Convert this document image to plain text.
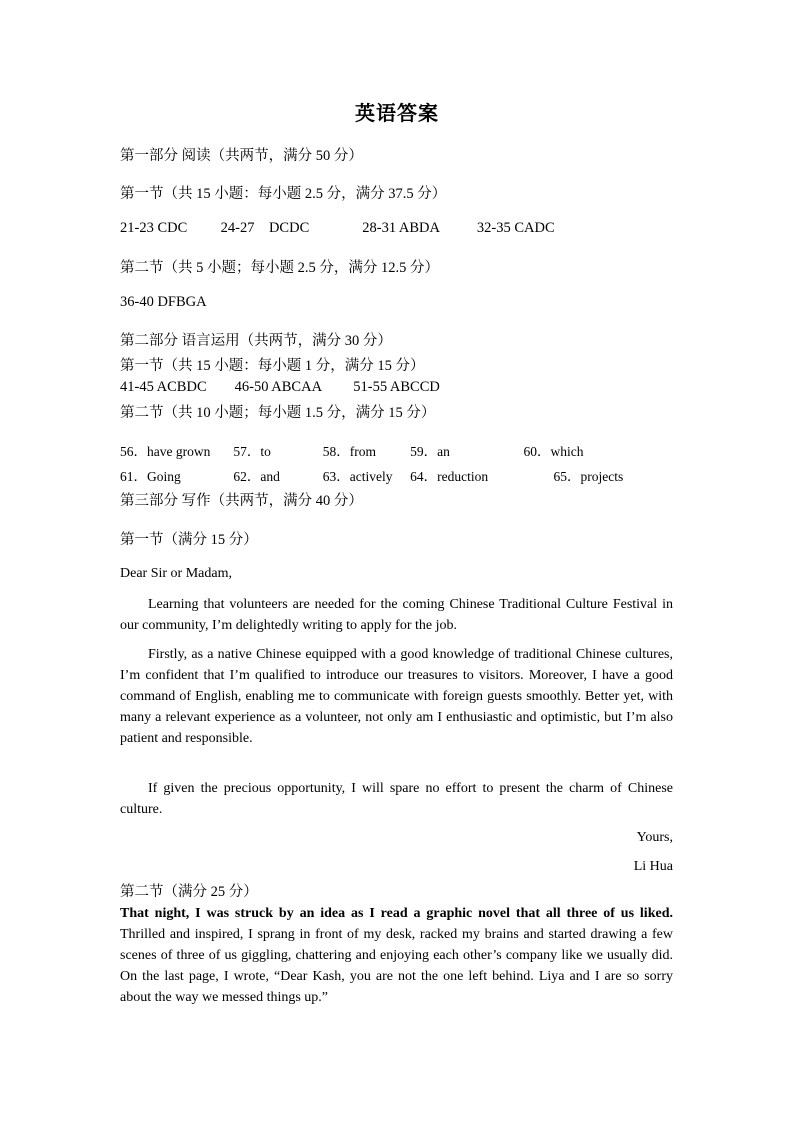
英语答案
第一部分 阅读（共两节，满分 50 分）
第一节（共 15 小题：每小题 2.5 分，满分 37.5 分）
21-23 CDC 24-27    DCDC	28-31 ABDA	32-35 CADC
第二节（共 5 小题；每小题 2.5 分，满分 12.5 分）
36-40 DFBGA
第二部分 语言运用（共两节，满分 30 分）
第一节（共 15 小题：每小题 1 分，满分 15 分）
41-45 ACBDC 46-50 ABCAA 51-55 ABCCD
第二节（共 10 小题；每小题 1.5 分，满分 15 分）
56．have grown 57．to	58．from	59．an	60．which
61．Going	62．and	63．actively 64．reduction	65．projects
第三部分 写作（共两节，满分 40 分）
第一节（满分 15 分）
Dear Sir or Madam,
Learning that volunteers are needed for the coming Chinese Traditional Culture Festival in our community, I’m delightedly writing to apply for the job.
Firstly, as a native Chinese equipped with a good knowledge of traditional Chinese cultures, I’m confident that I’m qualified to introduce our treasures to visitors. Moreover, I have a good command of English, enabling me to communicate with foreign guests smoothly. Better yet, with many a relevant experience as a volunteer, not only am I enthusiastic and optimistic, but I’m also patient and responsible.
If given the precious opportunity, I will spare no effort to present the charm of Chinese culture.
Yours,
Li Hua
第二节（满分 25 分）
That night, I was struck by an idea as I read a graphic novel that all three of us liked. Thrilled and inspired, I sprang in front of my desk, racked my brains and started drawing a few scenes of three of us giggling, chattering and enjoying each other’s company like we usually did. On the last page, I wrote, “Dear Kash, you are not the one left behind. Liya and I are so sorry about the way we messed things up.”
